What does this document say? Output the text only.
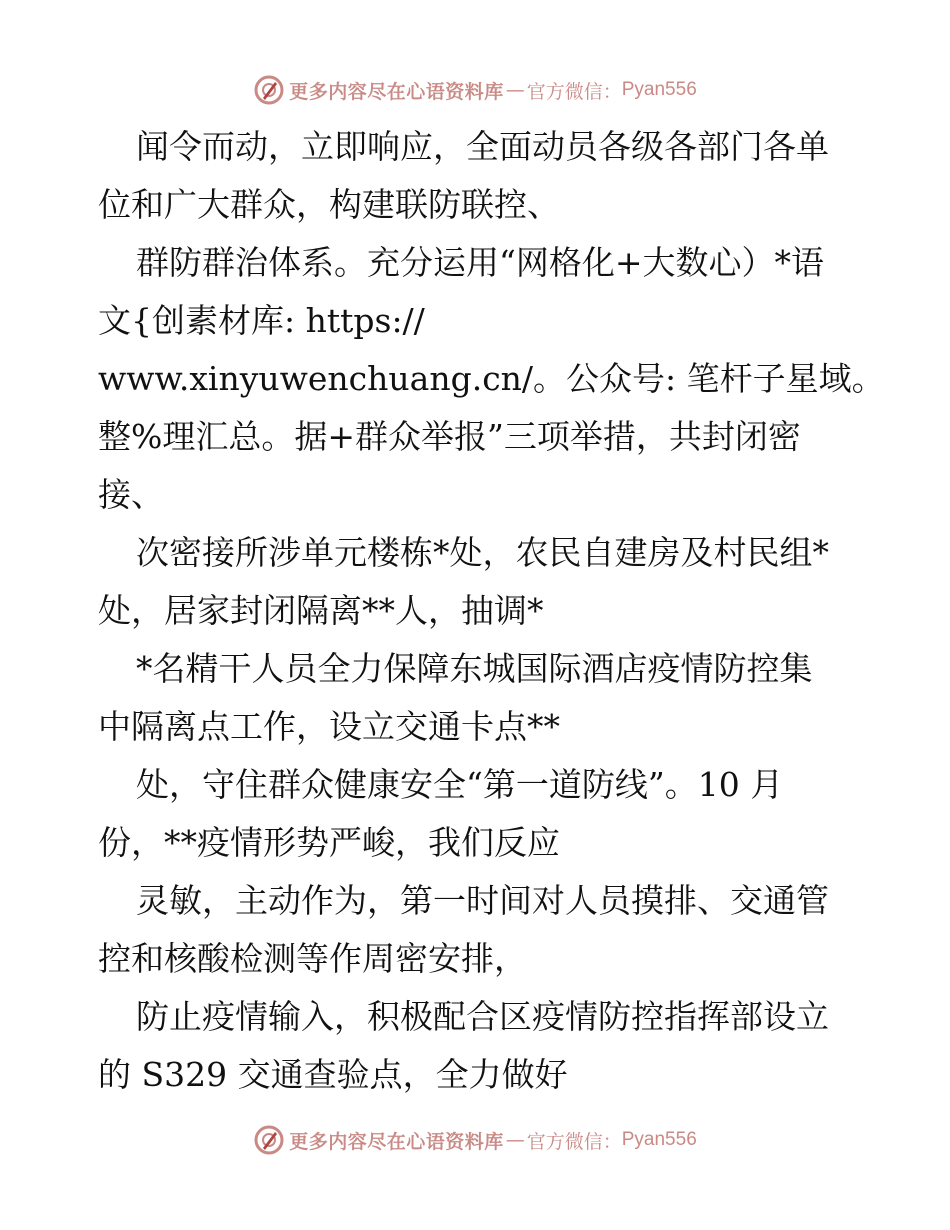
更多内容尽在心语资料库 — 官方微信： Pyan556
闻令而动，立即响应，全面动员各级各部门各单
位和广大群众，构建联防联控、
群防群治体系。充分运用“网格化+大数心）*语
文{创素材库: https://
www.xinyuwenchuang.cn/。公众号: 笔杆子星域。
整%理汇总。据+群众举报”三项举措，共封闭密
接、
次密接所涉单元楼栋*处，农民自建房及村民组*
处，居家封闭隔离**人，抽调*
*名精干人员全力保障东城国际酒店疫情防控集
中隔离点工作，设立交通卡点**
处，守住群众健康安全“第一道防线”。10 月
份，**疫情形势严峻，我们反应
灵敏，主动作为，第一时间对人员摸排、交通管
控和核酸检测等作周密安排，
防止疫情输入，积极配合区疫情防控指挥部设立
的 S329 交通查验点，全力做好
更多内容尽在心语资料库 — 官方微信： Pyan556
